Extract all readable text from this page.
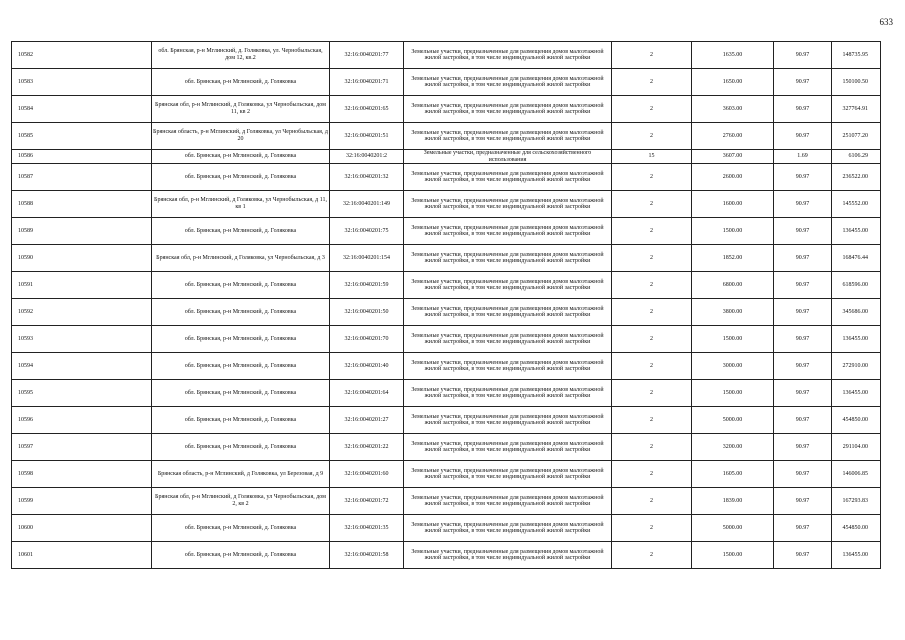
633
10582	обл. Брянская, р-н Мглинский, д. Голяковка, ул. Чернобыльская, дом 12, кв.2	32:16:0040201:77	Земельные участки, предназначенные для размещения домов малоэтажной жилой застройки, в том числе индивидуальной жилой застройки	2	1635.00	90.97	148735.95
10583	обл. Брянская, р-н Мглинский, д. Голяковка	32:16:0040201:71	Земельные участки, предназначенные для размещения домов малоэтажной жилой застройки, в том числе индивидуальной жилой застройки	2	1650.00	90.97	150100.50
10584	Брянская обл, р-н Мглинский, д Голяковка, ул Чернобыльская, дом 11, кв 2	32:16:0040201:65	Земельные участки, предназначенные для размещения домов малоэтажной жилой застройки, в том числе индивидуальной жилой застройки	2	3603.00	90.97	327764.91
10585	Брянская область, р-н Мглинский, д Голяковка, ул Чернобыльская, д 20	32:16:0040201:51	Земельные участки, предназначенные для размещения домов малоэтажной жилой застройки, в том числе индивидуальной жилой застройки	2	2760.00	90.97	251077.20
10586	обл. Брянская, р-н Мглинский, д. Голяковка	32:16:0040201:2	Земельные участки, предназначенные для сельскохозяйственного использования	15	3607.00	1.69	6106.29
10587	обл. Брянская, р-н Мглинский, д. Голяковка	32:16:0040201:32	Земельные участки, предназначенные для размещения домов малоэтажной жилой застройки, в том числе индивидуальной жилой застройки	2	2600.00	90.97	236522.00
10588	Брянская обл, р-н Мглинский, д Голяковка, ул Чернобыльская, д 11, кв 1	32:16:0040201:149	Земельные участки, предназначенные для размещения домов малоэтажной жилой застройки, в том числе индивидуальной жилой застройки	2	1600.00	90.97	145552.00
10589	обл. Брянская, р-н Мглинский, д. Голяковка	32:16:0040201:75	Земельные участки, предназначенные для размещения домов малоэтажной жилой застройки, в том числе индивидуальной жилой застройки	2	1500.00	90.97	136455.00
10590	Брянская обл, р-н Мглинский, д Голяковка, ул Чернобыльская, д 3	32:16:0040201:154	Земельные участки, предназначенные для размещения домов малоэтажной жилой застройки, в том числе индивидуальной жилой застройки	2	1852.00	90.97	168476.44
10591	обл. Брянская, р-н Мглинский, д. Голяковка	32:16:0040201:59	Земельные участки, предназначенные для размещения домов малоэтажной жилой застройки, в том числе индивидуальной жилой застройки	2	6800.00	90.97	618596.00
10592	обл. Брянская, р-н Мглинский, д. Голяковка	32:16:0040201:50	Земельные участки, предназначенные для размещения домов малоэтажной жилой застройки, в том числе индивидуальной жилой застройки	2	3800.00	90.97	345686.00
10593	обл. Брянская, р-н Мглинский, д. Голяковка	32:16:0040201:70	Земельные участки, предназначенные для размещения домов малоэтажной жилой застройки, в том числе индивидуальной жилой застройки	2	1500.00	90.97	136455.00
10594	обл. Брянская, р-н Мглинский, д. Голяковка	32:16:0040201:40	Земельные участки, предназначенные для размещения домов малоэтажной жилой застройки, в том числе индивидуальной жилой застройки	2	3000.00	90.97	272910.00
10595	обл. Брянская, р-н Мглинский, д. Голяковка	32:16:0040201:64	Земельные участки, предназначенные для размещения домов малоэтажной жилой застройки, в том числе индивидуальной жилой застройки	2	1500.00	90.97	136455.00
10596	обл. Брянская, р-н Мглинский, д. Голяковка	32:16:0040201:27	Земельные участки, предназначенные для размещения домов малоэтажной жилой застройки, в том числе индивидуальной жилой застройки	2	5000.00	90.97	454850.00
10597	обл. Брянская, р-н Мглинский, д. Голяковка	32:16:0040201:22	Земельные участки, предназначенные для размещения домов малоэтажной жилой застройки, в том числе индивидуальной жилой застройки	2	3200.00	90.97	291104.00
10598	Брянская область, р-н Мглинский, д Голяковка, ул Березовая, д 9	32:16:0040201:60	Земельные участки, предназначенные для размещения домов малоэтажной жилой застройки, в том числе индивидуальной жилой застройки	2	1605.00	90.97	146006.85
10599	Брянская обл, р-н Мглинский, д Голяковка, ул Чернобыльская, дом 2, кв 2	32:16:0040201:72	Земельные участки, предназначенные для размещения домов малоэтажной жилой застройки, в том числе индивидуальной жилой застройки	2	1839.00	90.97	167293.83
10600	обл. Брянская, р-н Мглинский, д. Голяковка	32:16:0040201:35	Земельные участки, предназначенные для размещения домов малоэтажной жилой застройки, в том числе индивидуальной жилой застройки	2	5000.00	90.97	454850.00
10601	обл. Брянская, р-н Мглинский, д. Голяковка	32:16:0040201:58	Земельные участки, предназначенные для размещения домов малоэтажной жилой застройки, в том числе индивидуальной жилой застройки	2	1500.00	90.97	136455.00
